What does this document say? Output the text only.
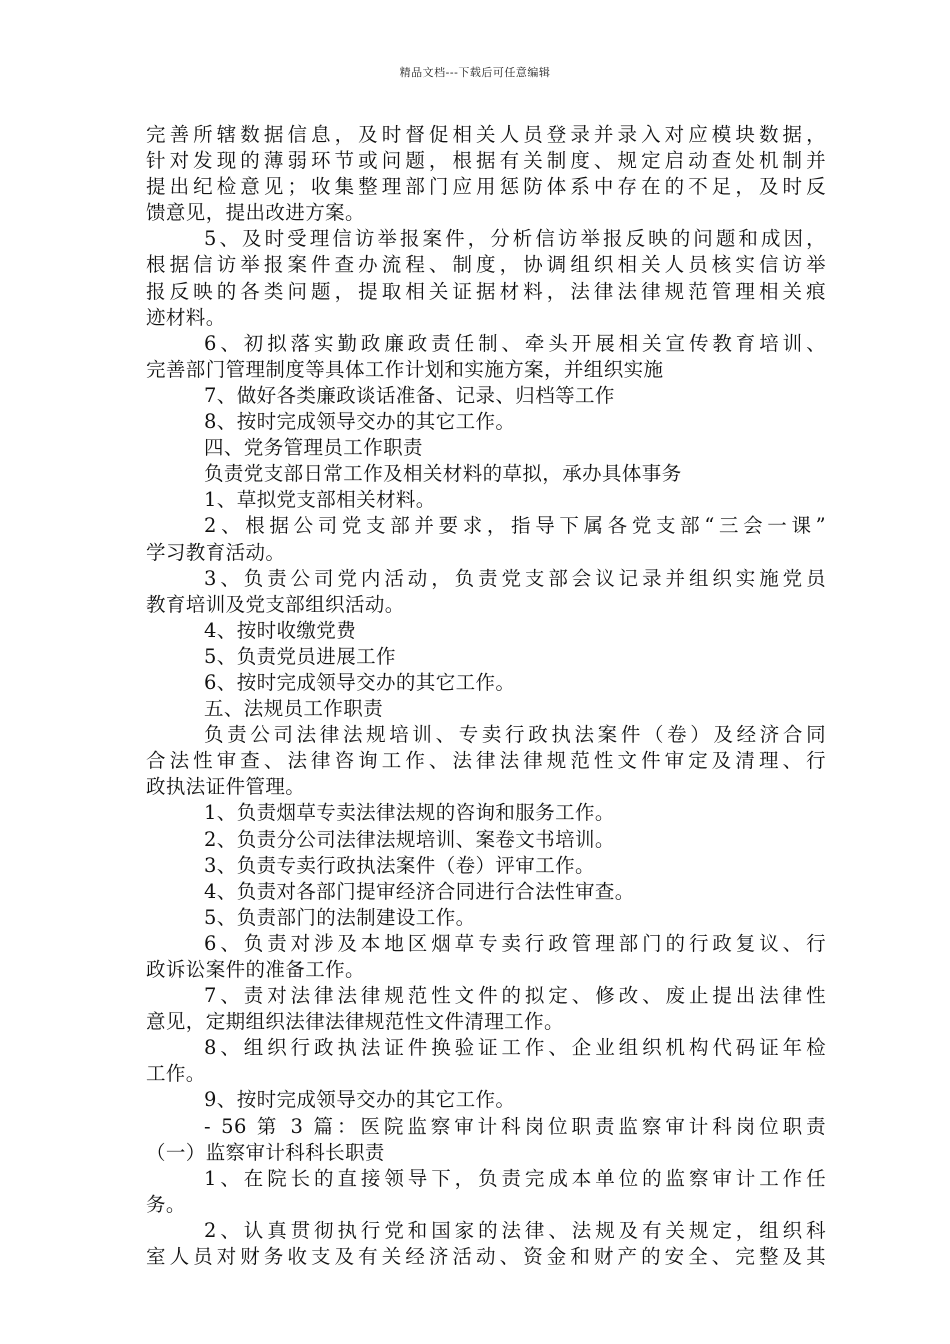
精品文档---下载后可任意编辑
完善所辖数据信息，及时督促相关人员登录并录入对应模块数据，
针对发现的薄弱环节或问题，根据有关制度、规定启动查处机制并
提出纪检意见；收集整理部门应用惩防体系中存在的不足，及时反
馈意见，提出改进方案。
5、及时受理信访举报案件，分析信访举报反映的问题和成因，
根据信访举报案件查办流程、制度，协调组织相关人员核实信访举
报反映的各类问题，提取相关证据材料，法律法律规范管理相关痕
迹材料。
6、初拟落实勤政廉政责任制、牵头开展相关宣传教育培训、
完善部门管理制度等具体工作计划和实施方案，并组织实施
7、做好各类廉政谈话准备、记录、归档等工作
8、按时完成领导交办的其它工作。
四、党务管理员工作职责
负责党支部日常工作及相关材料的草拟，承办具体事务
1、草拟党支部相关材料。
2、根据公司党支部并要求，指导下属各党支部“三会一课”
学习教育活动。
3、负责公司党内活动，负责党支部会议记录并组织实施党员
教育培训及党支部组织活动。
4、按时收缴党费
5、负责党员进展工作
6、按时完成领导交办的其它工作。
五、法规员工作职责
负责公司法律法规培训、专卖行政执法案件（卷）及经济合同
合法性审查、法律咨询工作、法律法律规范性文件审定及清理、行
政执法证件管理。
1、负责烟草专卖法律法规的咨询和服务工作。
2、负责分公司法律法规培训、案卷文书培训。
3、负责专卖行政执法案件（卷）评审工作。
4、负责对各部门提审经济合同进行合法性审查。
5、负责部门的法制建设工作。
6、负责对涉及本地区烟草专卖行政管理部门的行政复议、行
政诉讼案件的准备工作。
7、责对法律法律规范性文件的拟定、修改、废止提出法律性
意见，定期组织法律法律规范性文件清理工作。
8、组织行政执法证件换验证工作、企业组织机构代码证年检
工作。
9、按时完成领导交办的其它工作。
- 56 第 3 篇：医院监察审计科岗位职责监察审计科岗位职责
（一）监察审计科科长职责
1、在院长的直接领导下，负责完成本单位的监察审计工作任
务。
2、认真贯彻执行党和国家的法律、法规及有关规定，组织科
室人员对财务收支及有关经济活动、资金和财产的安全、完整及其
